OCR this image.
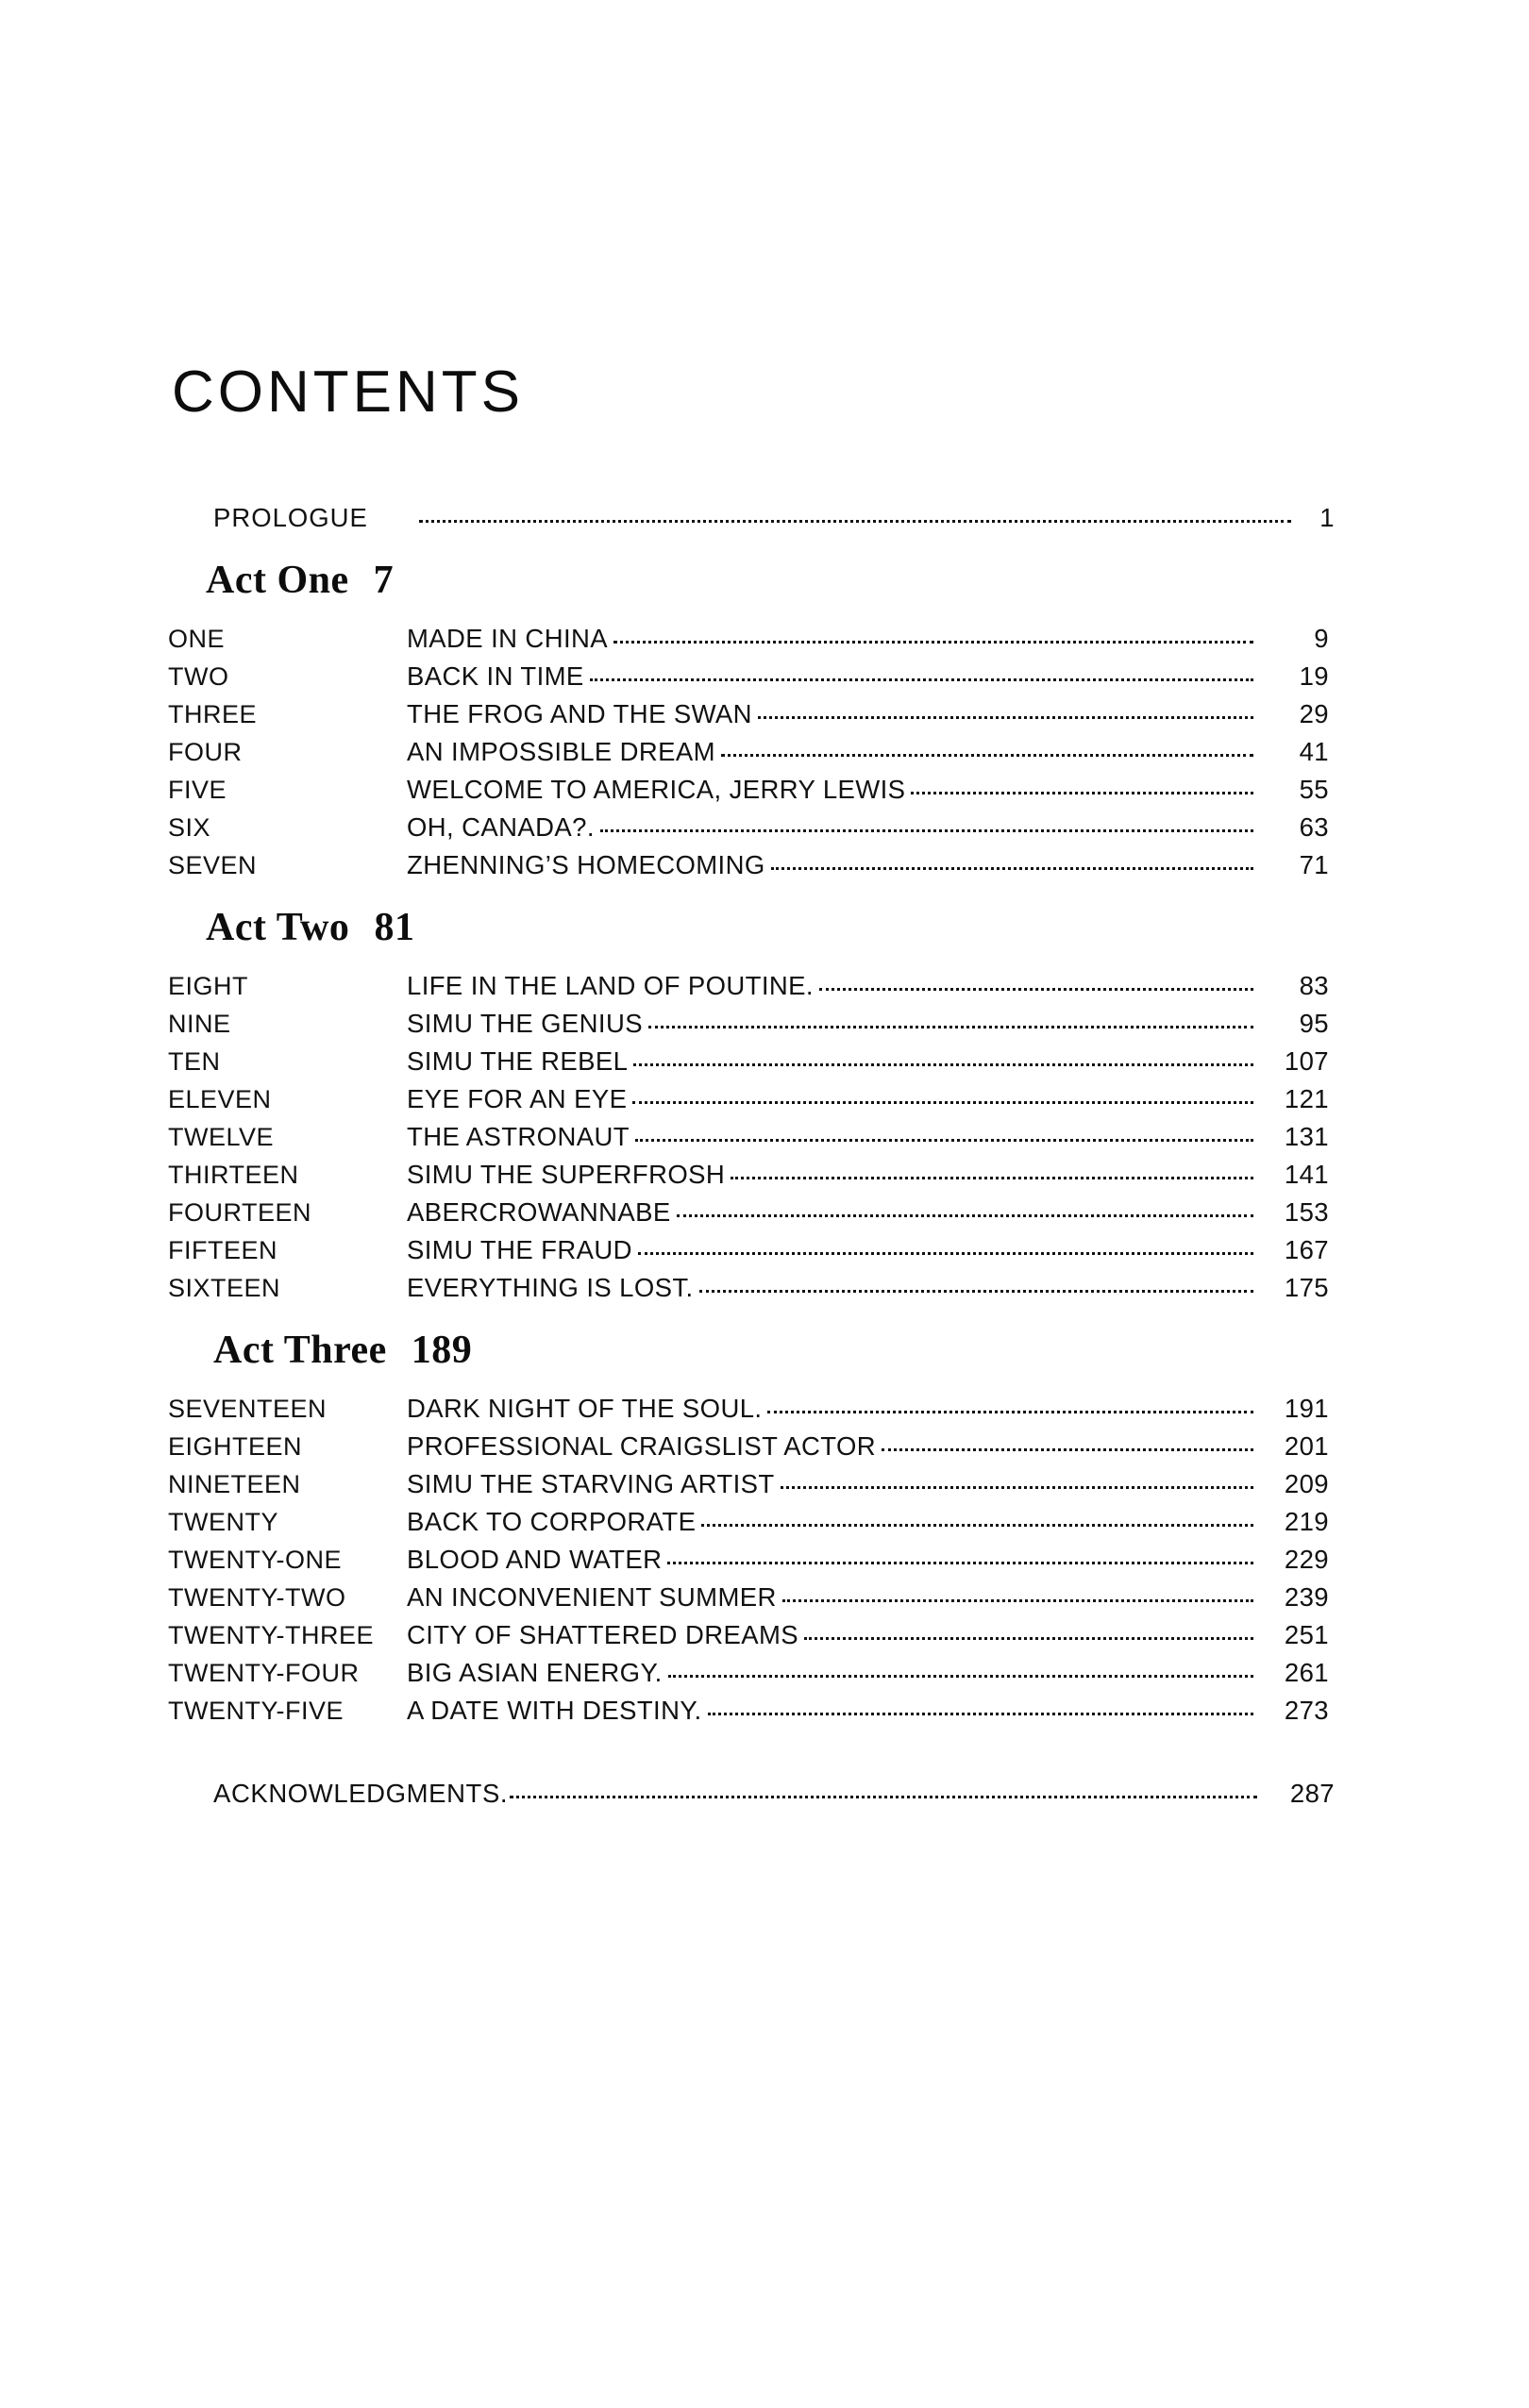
CONTENTS
PROLOGUE	1
Act One 7
ONE	MADE IN CHINA	9
TWO	BACK IN TIME	19
THREE	THE FROG AND THE SWAN	29
FOUR	AN IMPOSSIBLE DREAM	41
FIVE	WELCOME TO AMERICA, JERRY LEWIS	55
SIX	OH, CANADA?.	63
SEVEN	ZHENNING’S HOMECOMING	71
Act Two 81
EIGHT	LIFE IN THE LAND OF POUTINE.	83
NINE	SIMU THE GENIUS	95
TEN	SIMU THE REBEL	107
ELEVEN	EYE FOR AN EYE	121
TWELVE	THE ASTRONAUT	131
THIRTEEN	SIMU THE SUPERFROSH	141
FOURTEEN	ABERCROWANNABE	153
FIFTEEN	SIMU THE FRAUD	167
SIXTEEN	EVERYTHING IS LOST.	175
Act Three 189
SEVENTEEN	DARK NIGHT OF THE SOUL.	191
EIGHTEEN	PROFESSIONAL CRAIGSLIST ACTOR	201
NINETEEN	SIMU THE STARVING ARTIST	209
TWENTY	BACK TO CORPORATE	219
TWENTY-ONE	BLOOD AND WATER	229
TWENTY-TWO	AN INCONVENIENT SUMMER	239
TWENTY-THREE	CITY OF SHATTERED DREAMS	251
TWENTY-FOUR	BIG ASIAN ENERGY.	261
TWENTY-FIVE	A DATE WITH DESTINY.	273
ACKNOWLEDGMENTS.	287
